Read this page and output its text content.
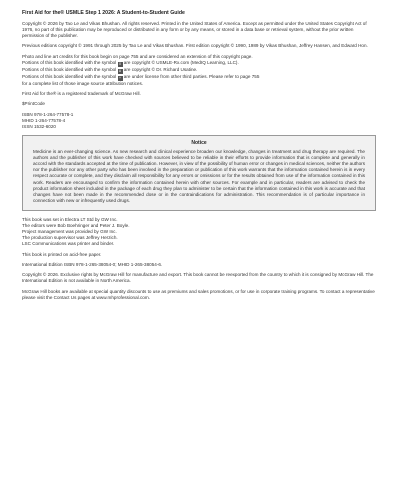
First Aid for the® USMLE Step 1 2026: A Student-to-Student Guide

Copyright © 2026 by Tao Le and Vikas Bhushan. All rights reserved. Printed in the United States of America. Except as permitted under the United States Copyright Act of 1976, no part of this publication may be reproduced or distributed in any form or by any means, or stored in a data base or retrieval system, without the prior written permission of the publisher.

Previous editions copyright © 1991 through 2025 by Tao Le and Vikas Bhushan. First edition copyright © 1990, 1989 by Vikas Bhushan, Jeffrey Hansen, and Edward Hon.

Photo and line art credits for this book begin on page 755 and are considered an extension of this copyright page.
Portions of this book identified with the symbol X are copyright © USMLE-Rx.com (MedIQ Learning, LLC).
Portions of this book identified with the symbol U are copyright © Dr. Richard Usatine.
Portions of this book identified with the symbol + are under license from other third parties. Please refer to page 755
for a complete list of those image source attribution notices.

First Aid for the® is a registered trademark of McGraw Hill.

$PrintCode

ISBN 978-1-264-77578-1
MHID 1-264-77578-4
ISSN 1532-6020

Notice
Medicine is an ever-changing science. As new research and clinical experience broaden our knowledge, changes in treatment and drug therapy are required. The authors and the publisher of this work have checked with sources believed to be reliable in their efforts to provide information that is complete and generally in accord with the standards accepted at the time of publication. However, in view of the possibility of human error or changes in medical sciences, neither the authors nor the publisher nor any other party who has been involved in the preparation or publication of this work warrants that the information contained herein is in every respect accurate or complete, and they disclaim all responsibility for any errors or omissions or for the results obtained from use of the information contained in this work. Readers are encouraged to confirm the information contained herein with other sources. For example and in particular, readers are advised to check the product information sheet included in the package of each drug they plan to administer to be certain that the information contained in this work is accurate and that changes have not been made in the recommended dose or in the contraindications for administration. This recommendation is of particular importance in connection with new or infrequently used drugs.

This book was set in Electra LT Std by GW Inc.
The editors were Bob Boehringer and Peter J. Boyle.
Project management was provided by GW Inc.
The production supervisor was Jeffrey Herzich.
LSC Communications was printer and binder.

This book is printed on acid-free paper.

International Edition ISBN 978-1-265-38054-0; MHID 1-265-38054-6.

Copyright © 2026. Exclusive rights by McGraw Hill for manufacture and export. This book cannot be reexported from the country to which it is consigned by McGraw Hill. The International Edition is not available in North America.

McGraw Hill books are available at special quantity discounts to use as premiums and sales promotions, or for use in corporate training programs. To contact a representative please visit the Contact Us pages at www.mhprofessional.com.
